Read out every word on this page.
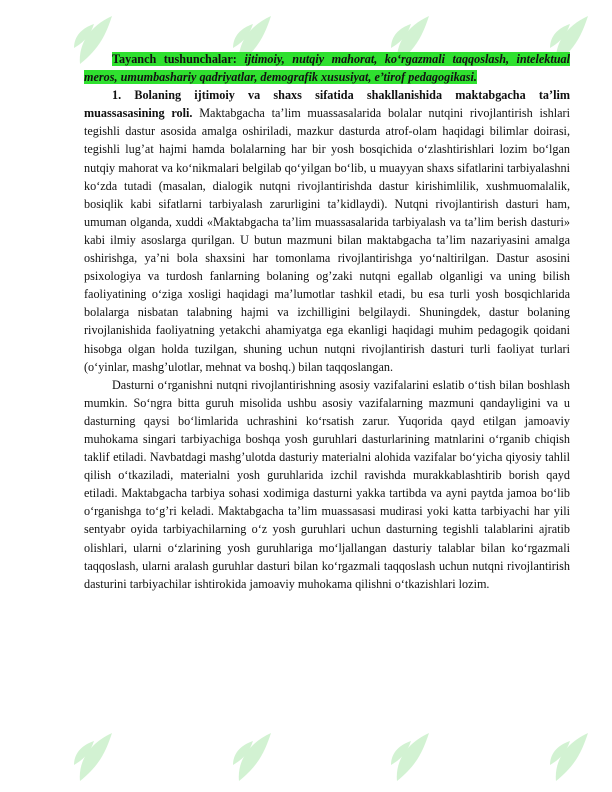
Tayanch tushunchalar: ijtimoiy, nutqiy mahorat, ko‘rgazmali taqqoslash, intelektual meros, umumbashariy qadriyatlar, demografik xususiyat, e’tirof pedagogikasi.

1. Bolaning ijtimoiy va shaxs sifatida shakllanishida maktabgacha ta’lim muassasasining roli. Maktabgacha ta’lim muassasalarida bolalar nutqini rivojlantirish ishlari tegishli dastur asosida amalga oshiriladi, mazkur dasturda atrof-olam haqidagi bilimlar doirasi, tegishli lug’at hajmi hamda bolalarning har bir yosh bosqichida o‘zlashtirishlari lozim bo‘lgan nutqiy mahorat va ko‘nikmalari belgilab qo‘yilgan bo‘lib, u muayyan shaxs sifatlarini tarbiyalashni ko‘zda tutadi (masalan, dialogik nutqni rivojlantirishda dastur kirishimlilik, xushmuomalalik, bosiqlik kabi sifatlarni tarbiyalash zarurligini ta’kidlaydi). Nutqni rivojlantirish dasturi ham, umuman olganda, xuddi «Maktabgacha ta’lim muassasalarida tarbiyalash va ta’lim berish dasturi» kabi ilmiy asoslarga qurilgan. U butun mazmuni bilan maktabgacha ta’lim nazariyasini amalga oshirishga, ya’ni bola shaxsini har tomonlama rivojlantirishga yo‘naltirilgan. Dastur asosini psixologiya va turdosh fanlarning bolaning og’zaki nutqni egallab olganligi va uning bilish faoliyatining o‘ziga xosligi haqidagi ma’lumotlar tashkil etadi, bu esa turli yosh bosqichlarida bolalarga nisbatan talabning hajmi va izchilligini belgilaydi. Shuningdek, dastur bolaning rivojlanishida faoliyatning yetakchi ahamiyatga ega ekanligi haqidagi muhim pedagogik qoidani hisobga olgan holda tuzilgan, shuning uchun nutqni rivojlantirish dasturi turli faoliyat turlari (o‘yinlar, mashg’ulotlar, mehnat va boshq.) bilan taqqoslangan.

Dasturni o‘rganishni nutqni rivojlantirishning asosiy vazifalarini eslatib o‘tish bilan boshlash mumkin. So‘ngra bitta guruh misolida ushbu asosiy vazifalarning mazmuni qandayligini va u dasturning qaysi bo‘limlarida uchrashini ko‘rsatish zarur. Yuqorida qayd etilgan jamoaviy muhokama singari tarbiyachiga boshqa yosh guruhlari dasturlarining matnlarini o‘rganib chiqish taklif etiladi. Navbatdagi mashg’ulotda dasturiy materialni alohida vazifalar bo‘yicha qiyosiy tahlil qilish o‘tkaziladi, materialni yosh guruhlarida izchil ravishda murakkablashtirib borish qayd etiladi. Maktabgacha tarbiya sohasi xodimiga dasturni yakka tartibda va ayni paytda jamoa bo‘lib o‘rganishga to‘g’ri keladi. Maktabgacha ta’lim muassasasi mudirasi yoki katta tarbiyachi har yili sentyabr oyida tarbiyachilarning o‘z yosh guruhlari uchun dasturning tegishli talablarini ajratib olishlari, ularni o‘zlarining yosh guruhlariga mo‘ljallangan dasturiy talablar bilan ko‘rgazmali taqqoslash, ularni aralash guruhlar dasturi bilan ko‘rgazmali taqqoslash uchun nutqni rivojlantirish dasturini tarbiyachilar ishtirokida jamoaviy muhokama qilishni o‘tkazishlari lozim.
